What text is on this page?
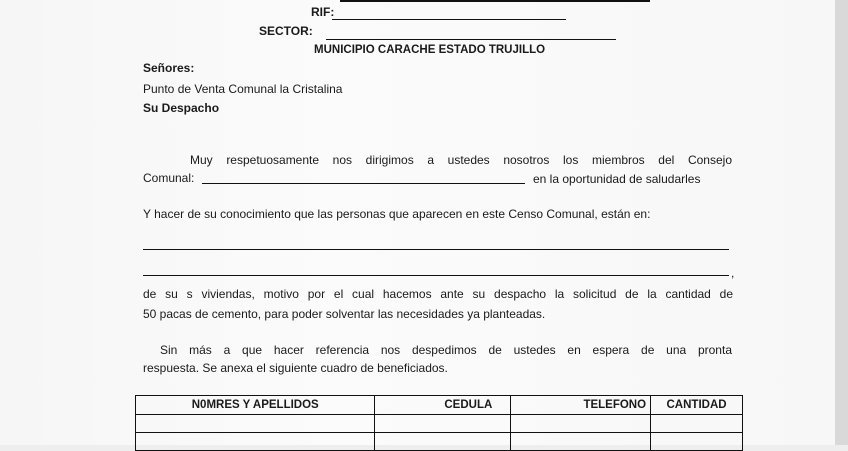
RIF:
SECTOR:
MUNICIPIO CARACHE ESTADO TRUJILLO
Señores:
Punto de Venta Comunal la Cristalina
Su Despacho
Muy respetuosamente nos dirigimos a ustedes nosotros los miembros del Consejo
Comunal:	en la oportunidad de saludarles
Y hacer de su conocimiento que las personas que aparecen en este Censo Comunal, están en:
,
de su s viviendas, motivo por el cual hacemos ante su despacho la solicitud de la cantidad de
50 pacas de cemento, para poder solventar las necesidades ya planteadas.
Sin más a que hacer referencia nos despedimos de ustedes en espera de una pronta
respuesta. Se anexa el siguiente cuadro de beneficiados.
N0MRES Y APELLIDOS	CEDULA	TELEFONO	CANTIDAD
